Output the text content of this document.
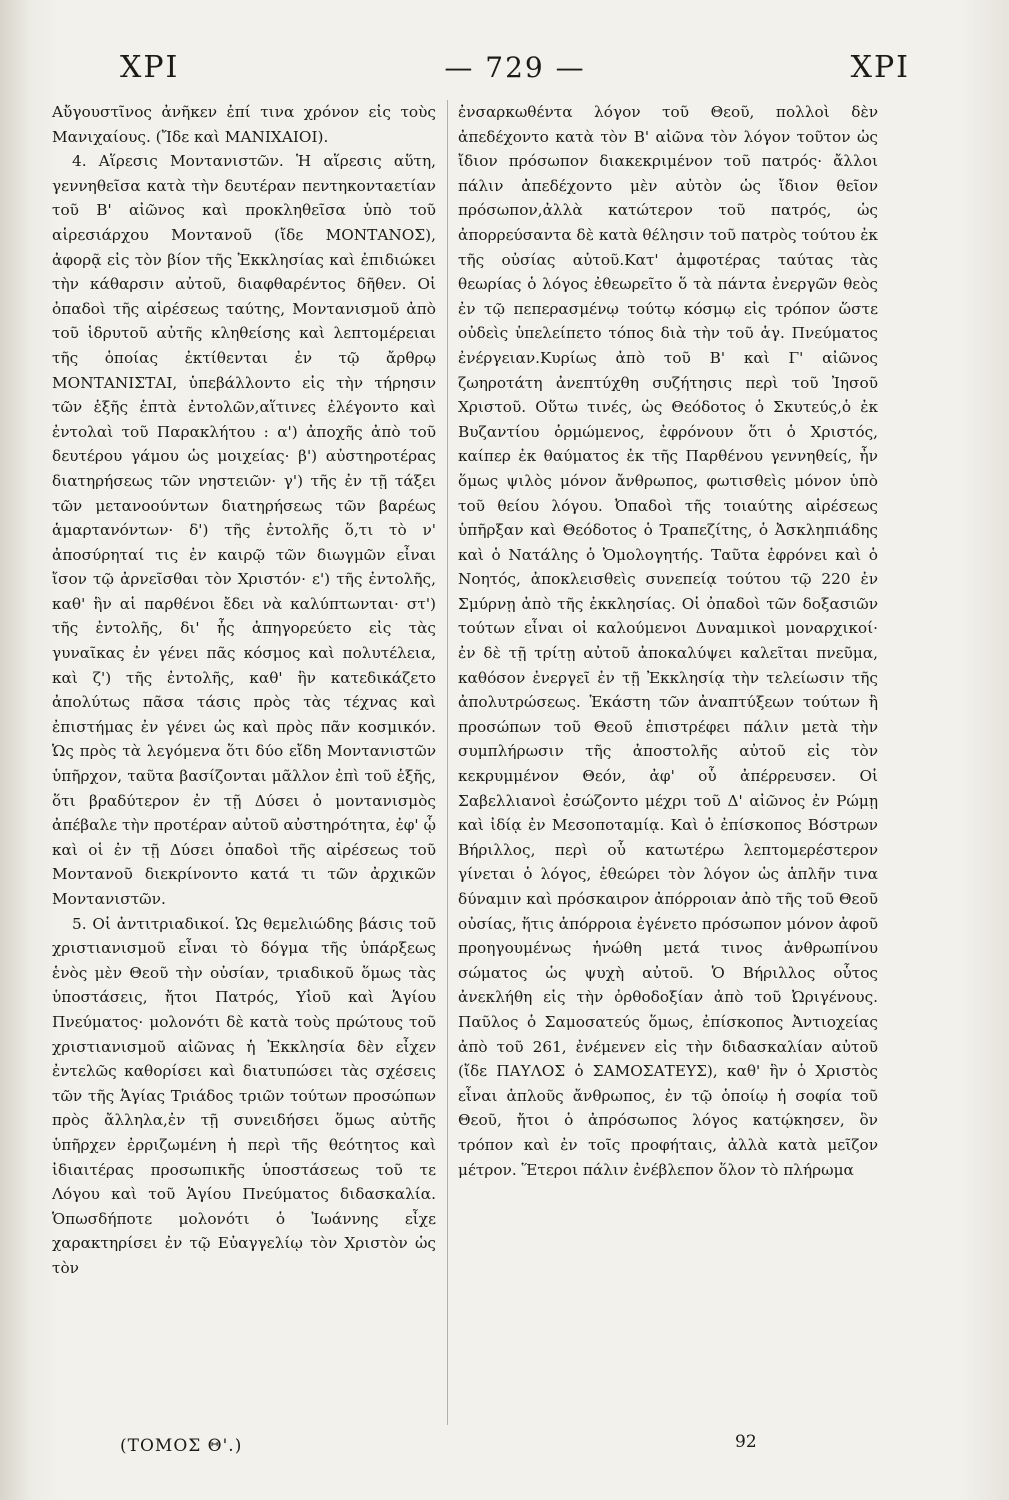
ΧΡΙ	— 729 —	ΧΡΙ

Αὔγουστῖνος ἀνῆκεν ἐπί τινα χρόνον εἰς τοὺς Μανιχαίους. (Ἴδε καὶ ΜΑΝΙΧΑΙΟΙ).

4. Αἵρεσις Μοντανιστῶν. Ἡ αἵρεσις αὕτη, γεννηθεῖσα κατὰ τὴν δευτέραν πεντηκονταετίαν τοῦ Β' αἰῶνος καὶ προκληθεῖσα ὑπὸ τοῦ αἱρεσιάρχου Μοντανοῦ (ἴδε ΜΟΝΤΑΝΟΣ), ἀφορᾷ εἰς τὸν βίον τῆς Ἐκκλησίας καὶ ἐπιδιώκει τὴν κάθαρσιν αὐτοῦ, διαφθαρέντος δῆθεν. Οἱ ὀπαδοὶ τῆς αἱρέσεως ταύτης, Μοντανισμοῦ ἀπὸ τοῦ ἱδρυτοῦ αὐτῆς κληθείσης καὶ λεπτομέρειαι τῆς ὁποίας ἐκτίθενται ἐν τῷ ἄρθρῳ ΜΟΝΤΑΝΙΣΤΑΙ, ὑπεβάλλοντο εἰς τὴν τήρησιν τῶν ἑξῆς ἑπτὰ ἐντολῶν,αἵτινες ἐλέγοντο καὶ ἐντολαὶ τοῦ Παρακλήτου : α') ἀποχῆς ἀπὸ τοῦ δευτέρου γάμου ὡς μοιχείας· β') αὐστηροτέρας διατηρήσεως τῶν νηστειῶν· γ') τῆς ἐν τῇ τάξει τῶν μετανοούντων διατηρήσεως τῶν βαρέως ἁμαρτανόντων· δ') τῆς ἐντολῆς ὅ,τι τὸ ν' ἀποσύρηταί τις ἐν καιρῷ τῶν διωγμῶν εἶναι ἴσον τῷ ἀρνεῖσθαι τὸν Χριστόν· ε') τῆς ἐντολῆς, καθ' ἣν αἱ παρθένοι ἔδει νὰ καλύπτωνται· στ') τῆς ἐντολῆς, δι' ἧς ἀπηγορεύετο εἰς τὰς γυναῖκας ἐν γένει πᾶς κόσμος καὶ πολυτέλεια, καὶ ζ') τῆς ἐντολῆς, καθ' ἣν κατεδικάζετο ἀπολύτως πᾶσα τάσις πρὸς τὰς τέχνας καὶ ἐπιστήμας ἐν γένει ὡς καὶ πρὸς πᾶν κοσμικόν. Ὡς πρὸς τὰ λεγόμενα ὅτι δύο εἴδη Μοντανιστῶν ὑπῆρχον, ταῦτα βασίζονται μᾶλλον ἐπὶ τοῦ ἑξῆς, ὅτι βραδύτερον ἐν τῇ Δύσει ὁ μοντανισμὸς ἀπέβαλε τὴν προτέραν αὐτοῦ αὐστηρότητα, ἐφ' ᾧ καὶ οἱ ἐν τῇ Δύσει ὀπαδοὶ τῆς αἱρέσεως τοῦ Μοντανοῦ διεκρίνοντο κατά τι τῶν ἀρχικῶν Μοντανιστῶν.

5. Οἱ ἀντιτριαδικοί. Ὡς θεμελιώδης βάσις τοῦ χριστιανισμοῦ εἶναι τὸ δόγμα τῆς ὑπάρξεως ἑνὸς μὲν Θεοῦ τὴν οὐσίαν, τριαδικοῦ ὅμως τὰς ὑποστάσεις, ἤτοι Πατρός, Υἱοῦ καὶ Ἁγίου Πνεύματος· μολονότι δὲ κατὰ τοὺς πρώτους τοῦ χριστιανισμοῦ αἰῶνας ἡ Ἐκκλησία δὲν εἶχεν ἐντελῶς καθορίσει καὶ διατυπώσει τὰς σχέσεις τῶν τῆς Ἁγίας Τριάδος τριῶν τούτων προσώπων πρὸς ἄλληλα,ἐν τῇ συνειδήσει ὅμως αὐτῆς ὑπῆρχεν ἐρριζωμένη ἡ περὶ τῆς θεότητος καὶ ἰδιαιτέρας προσωπικῆς ὑποστάσεως τοῦ τε Λόγου καὶ τοῦ Ἁγίου Πνεύματος διδασκαλία. Ὁπωσδήποτε μολονότι ὁ Ἰωάννης εἶχε χαρακτηρίσει ἐν τῷ Εὐαγγελίῳ τὸν Χριστὸν ὡς τὸν

ἐνσαρκωθέντα λόγον τοῦ Θεοῦ, πολλοὶ δὲν ἀπεδέχοντο κατὰ τὸν Β' αἰῶνα τὸν λόγον τοῦτον ὡς ἴδιον πρόσωπον διακεκριμένον τοῦ πατρός· ἄλλοι πάλιν ἀπεδέχοντο μὲν αὐτὸν ὡς ἴδιον θεῖον πρόσωπον,ἀλλὰ κατώτερον τοῦ πατρός, ὡς ἀπορρεύσαντα δὲ κατὰ θέλησιν τοῦ πατρὸς τούτου ἐκ τῆς οὐσίας αὐτοῦ.Κατ' ἀμφοτέρας ταύτας τὰς θεωρίας ὁ λόγος ἐθεωρεῖτο ὅ τὰ πάντα ἐνεργῶν θεὸς ἐν τῷ πεπερασμένῳ τούτῳ κόσμῳ εἰς τρόπον ὥστε οὐδεὶς ὑπελείπετο τόπος διὰ τὴν τοῦ ἁγ. Πνεύματος ἐνέργειαν.Κυρίως ἀπὸ τοῦ Β' καὶ Γ' αἰῶνος ζωηροτάτη ἀνεπτύχθη συζήτησις περὶ τοῦ Ἰησοῦ Χριστοῦ. Οὕτω τινές, ὡς Θεόδοτος ὁ Σκυτεύς,ὁ ἐκ Βυζαντίου ὁρμώμενος, ἐφρόνουν ὅτι ὁ Χριστός, καίπερ ἐκ θαύματος ἐκ τῆς Παρθένου γεννηθείς, ἦν ὅμως ψιλὸς μόνον ἄνθρωπος, φωτισθεὶς μόνον ὑπὸ τοῦ θείου λόγου. Ὀπαδοὶ τῆς τοιαύτης αἱρέσεως ὑπῆρξαν καὶ Θεόδοτος ὁ Τραπεζίτης, ὁ Ἀσκληπιάδης καὶ ὁ Νατάλης ὁ Ὁμολογητής. Ταῦτα ἐφρόνει καὶ ὁ Νοητός, ἀποκλεισθεὶς συνεπείᾳ τούτου τῷ 220 ἐν Σμύρνῃ ἀπὸ τῆς ἐκκλησίας. Οἱ ὀπαδοὶ τῶν δοξασιῶν τούτων εἶναι οἱ καλούμενοι Δυναμικοὶ μοναρχικοί· ἐν δὲ τῇ τρίτῃ αὐτοῦ ἀποκαλύψει καλεῖται πνεῦμα, καθόσον ἐνεργεῖ ἐν τῇ Ἐκκλησίᾳ τὴν τελείωσιν τῆς ἀπολυτρώσεως. Ἑκάστη τῶν ἀναπτύξεων τούτων ἢ προσώπων τοῦ Θεοῦ ἐπιστρέφει πάλιν μετὰ τὴν συμπλήρωσιν τῆς ἀποστολῆς αὐτοῦ εἰς τὸν κεκρυμμένον Θεόν, ἀφ' οὗ ἀπέρρευσεν. Οἱ Σαβελλιανοὶ ἐσώζοντο μέχρι τοῦ Δ' αἰῶνος ἐν Ρώμῃ καὶ ἰδίᾳ ἐν Μεσοποταμίᾳ. Καὶ ὁ ἐπίσκοπος Βόστρων Βήριλλος, περὶ οὗ κατωτέρω λεπτομερέστερον γίνεται ὁ λόγος, ἐθεώρει τὸν λόγον ὡς ἁπλῆν τινα δύναμιν καὶ πρόσκαιρον ἀπόρροιαν ἀπὸ τῆς τοῦ Θεοῦ οὐσίας, ἥτις ἀπόρροια ἐγένετο πρόσωπον μόνον ἀφοῦ προηγουμένως ἡνώθη μετά τινος ἀνθρωπίνου σώματος ὡς ψυχὴ αὐτοῦ. Ὁ Βήριλλος οὗτος ἀνεκλήθη εἰς τὴν ὀρθοδοξίαν ἀπὸ τοῦ Ὠριγένους. Παῦλος ὁ Σαμοσατεύς ὅμως, ἐπίσκοπος Ἀντιοχείας ἀπὸ τοῦ 261, ἐνέμενεν εἰς τὴν διδασκαλίαν αὐτοῦ (ἴδε ΠΑΥΛΟΣ ὁ ΣΑΜΟΣΑΤΕΥΣ), καθ' ἣν ὁ Χριστὸς εἶναι ἁπλοῦς ἄνθρωπος, ἐν τῷ ὁποίῳ ἡ σοφία τοῦ Θεοῦ, ἤτοι ὁ ἀπρόσωπος λόγος κατῴκησεν, ὃν τρόπον καὶ ἐν τοῖς προφήταις, ἀλλὰ κατὰ μεῖζον μέτρον. Ἕτεροι πάλιν ἐνέβλεπον ὅλον τὸ πλήρωμα

(ΤΟΜΟΣ Θ'.)	92
